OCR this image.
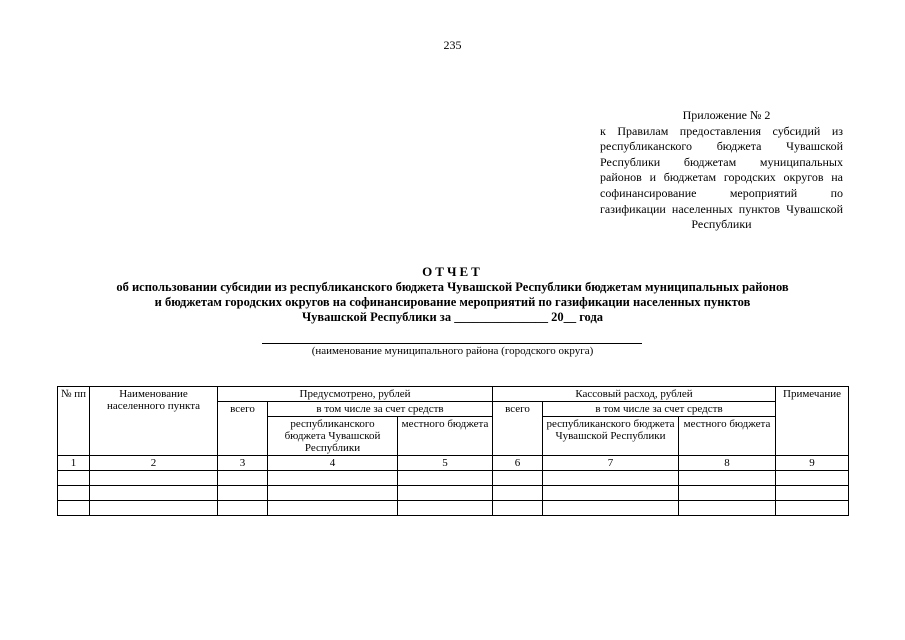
235
Приложение № 2
к Правилам предоставления субсидий из республиканского бюджета Чувашской Республики бюджетам муниципальных районов и бюджетам городских округов на софинансирование мероприятий по газификации населенных пунктов Чувашской Республики
ОТЧЕТ
об использовании субсидии из республиканского бюджета Чувашской Республики бюджетам муниципальных районов
и бюджетам городских округов на софинансирование мероприятий по газификации населенных пунктов
Чувашской Республики за _______________ 20__ года
(наименование муниципального района (городского округа)
№ пп	Наименование населенного пункта	Предусмотрено, рублей			Кассовый расход, рублей			Примечание
		всего	в том числе за счет средств		всего	в том числе за счет средств		
			республиканского бюджета Чувашской Республики	местного бюджета		республиканского бюджета Чувашской Республики	местного бюджета	
1	2	3	4	5	6	7	8	9
